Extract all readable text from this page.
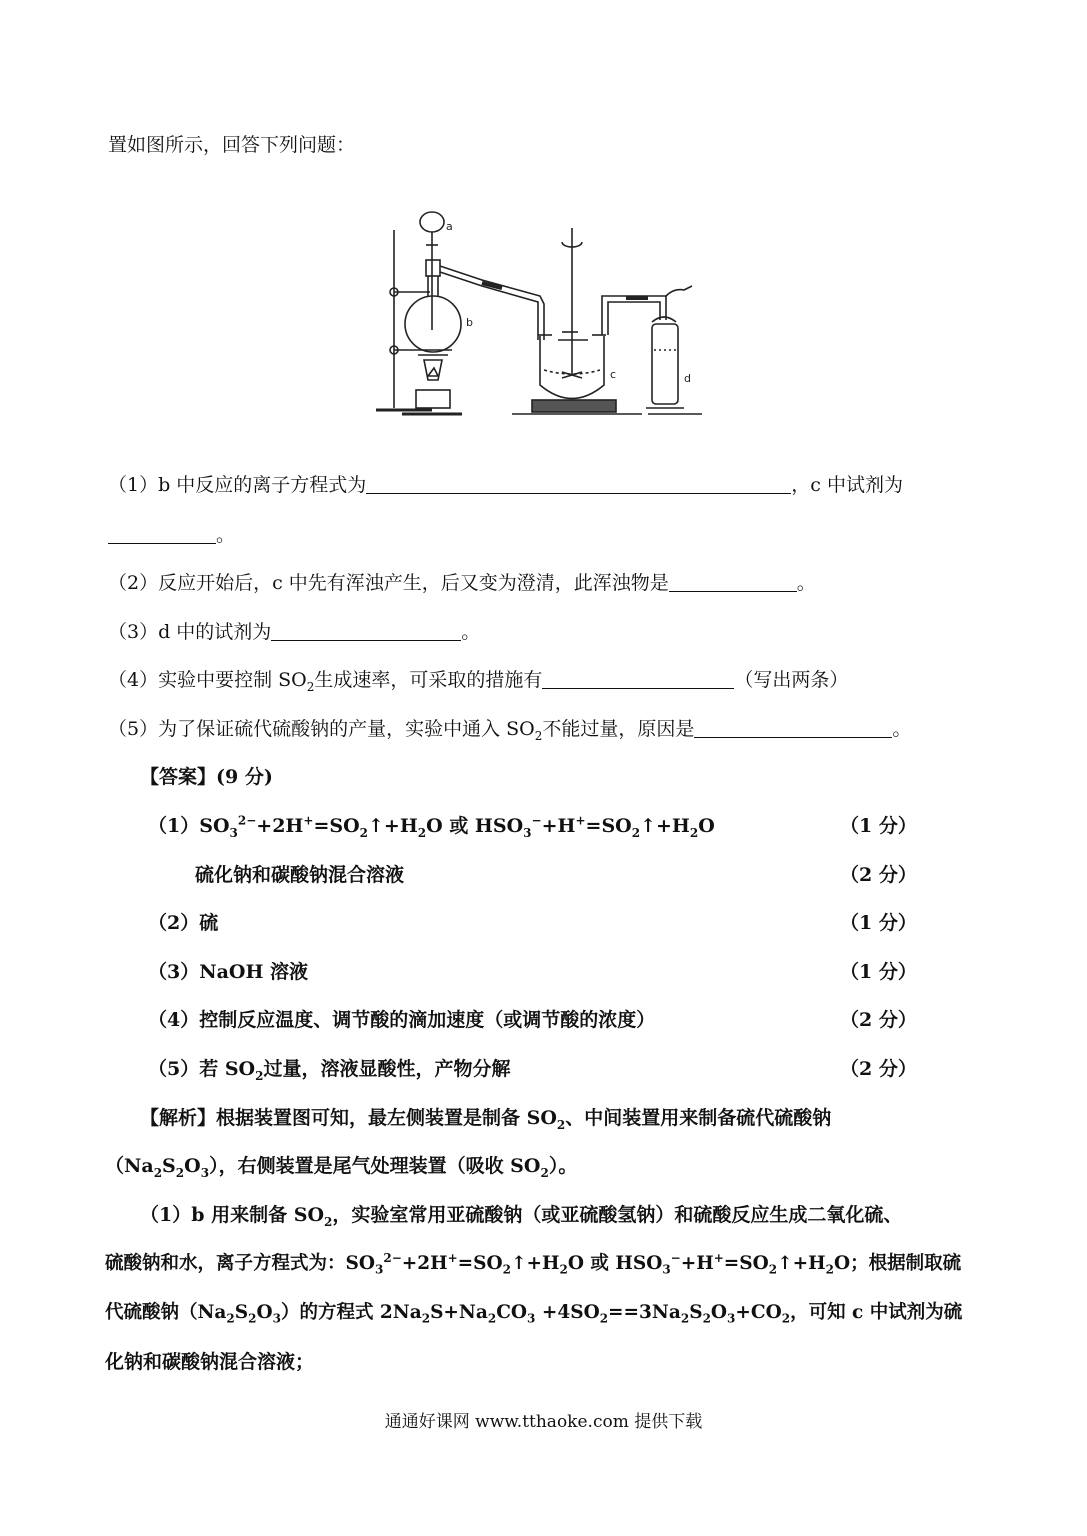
置如图所示，回答下列问题：
a
b
c	d
（1）b 中反应的离子方程式为	，c 中试剂为
。
（2）反应开始后，c 中先有浑浊产生，后又变为澄清，此浑浊物是	。
（3）d 中的试剂为	。
（4）实验中要控制 $SO_2$生成速率，可采取的措施有	（写出两条）
（5）为了保证硫代硫酸钠的产量，实验中通入 $SO_2$不能过量，原因是	。
【答案】(9 分)
$(1)SO_3^{2-}+2H^+=SO_2↑+H_2O$ 或 $HSO_3^-+H^+=SO_2↑+H_2O$	（1 分）
硫化钠和碳酸钠混合溶液	（2 分）
（2）硫	（1 分）
（3）NaOH 溶液	（1 分）
（4）控制反应温度、调节酸的滴加速度（或调节酸的浓度）	（2 分）
（5）若 $SO_2$过量，溶液显酸性，产物分解	（2 分）
【解析】根据装置图可知，最左侧装置是制备 $SO_2$、中间装置用来制备硫代硫酸钠
$(Na_2S_2O_3)$，右侧装置是尾气处理装置（吸收 $SO_2$）。
（1）b 用来制备 $SO_2$，实验室常用亚硫酸钠（或亚硫酸氢钠）和硫酸反应生成二氧化硫、
硫酸钠和水，离子方程式为：$SO_3^{2-}+2H^+=SO_2↑+H_2O$ 或 $HSO_3^-+H^+=SO_2↑+H_2O$；根据制取硫
代硫酸钠$(Na_2S_2O_3)$的方程式 $2Na_2S+Na_2CO_3 +4SO_2==3Na_2S_2O_3+CO_2$，可知 c 中试剂为硫
化钠和碳酸钠混合溶液；
通通好课网 www.tthaoke.com 提供下载
